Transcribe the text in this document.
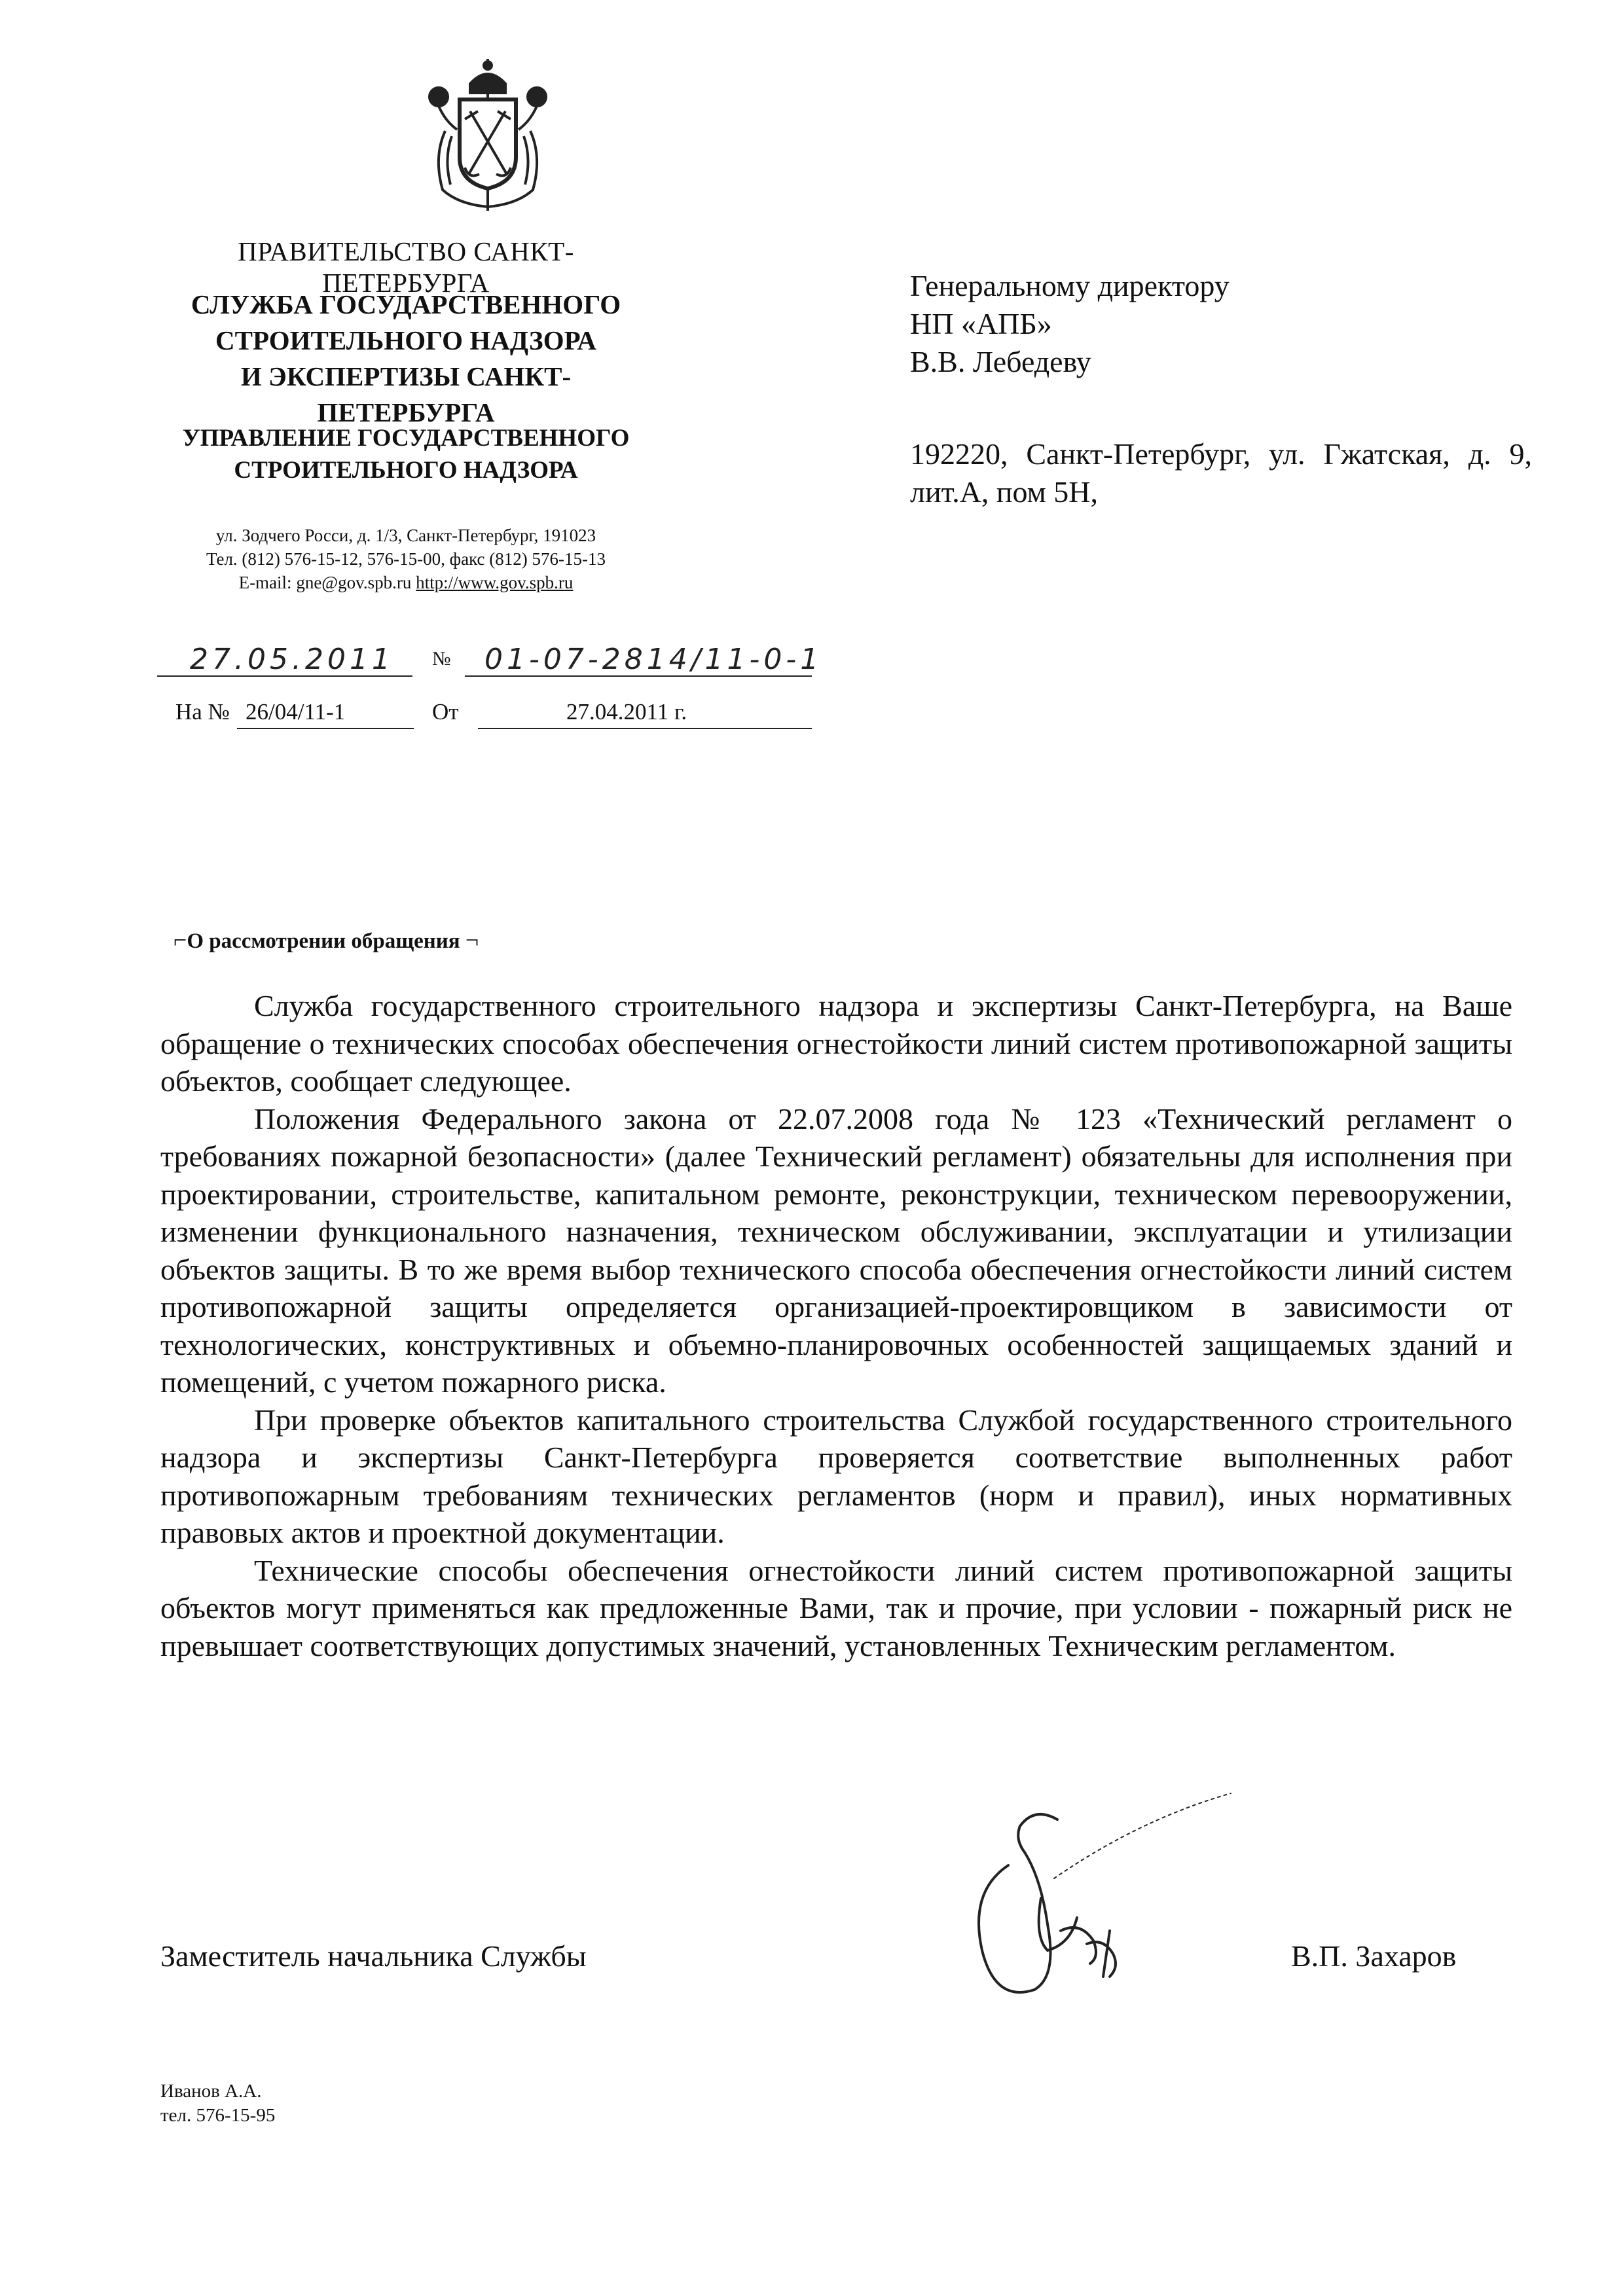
ПРАВИТЕЛЬСТВО САНКТ-ПЕТЕРБУРГА
СЛУЖБА ГОСУДАРСТВЕННОГО
СТРОИТЕЛЬНОГО НАДЗОРА
И ЭКСПЕРТИЗЫ САНКТ-ПЕТЕРБУРГА
УПРАВЛЕНИЕ ГОСУДАРСТВЕННОГО
СТРОИТЕЛЬНОГО НАДЗОРА
ул. Зодчего Росси, д. 1/3, Санкт-Петербург, 191023
Тел. (812) 576-15-12, 576-15-00, факс (812) 576-15-13
E-mail: gne@gov.spb.ru http://www.gov.spb.ru
27.05.2011 № 01-07-2814/11-0-1
На № 26/04/11-1	От	27.04.2011 г.
Генеральному директору
НП «АПБ»
В.В. Лебедеву
192220, Санкт-Петербург, ул. Гжатская, д. 9, лит.А, пом 5Н,
⌐О рассмотрении обращения ¬

Служба государственного строительного надзора и экспертизы Санкт-Петербурга, на Ваше обращение о технических способах обеспечения огнестойкости линий систем противопожарной защиты объектов, сообщает следующее.

Положения Федерального закона от 22.07.2008 года № 123 «Технический регламент о требованиях пожарной безопасности» (далее Технический регламент) обязательны для исполнения при проектировании, строительстве, капитальном ремонте, реконструкции, техническом перевооружении, изменении функционального назначения, техническом обслуживании, эксплуатации и утилизации объектов защиты. В то же время выбор технического способа обеспечения огнестойкости линий систем противопожарной защиты определяется организацией-проектировщиком в зависимости от технологических, конструктивных и объемно-планировочных особенностей защищаемых зданий и помещений, с учетом пожарного риска.

При проверке объектов капитального строительства Службой государственного строительного надзора и экспертизы Санкт-Петербурга проверяется соответствие выполненных работ противопожарным требованиям технических регламентов (норм и правил), иных нормативных правовых актов и проектной документации.

Технические способы обеспечения огнестойкости линий систем противопожарной защиты объектов могут применяться как предложенные Вами, так и прочие, при условии - пожарный риск не превышает соответствующих допустимых значений, установленных Техническим регламентом.

Заместитель начальника Службы	В.П. Захаров
Иванов А.А.
тел. 576-15-95
